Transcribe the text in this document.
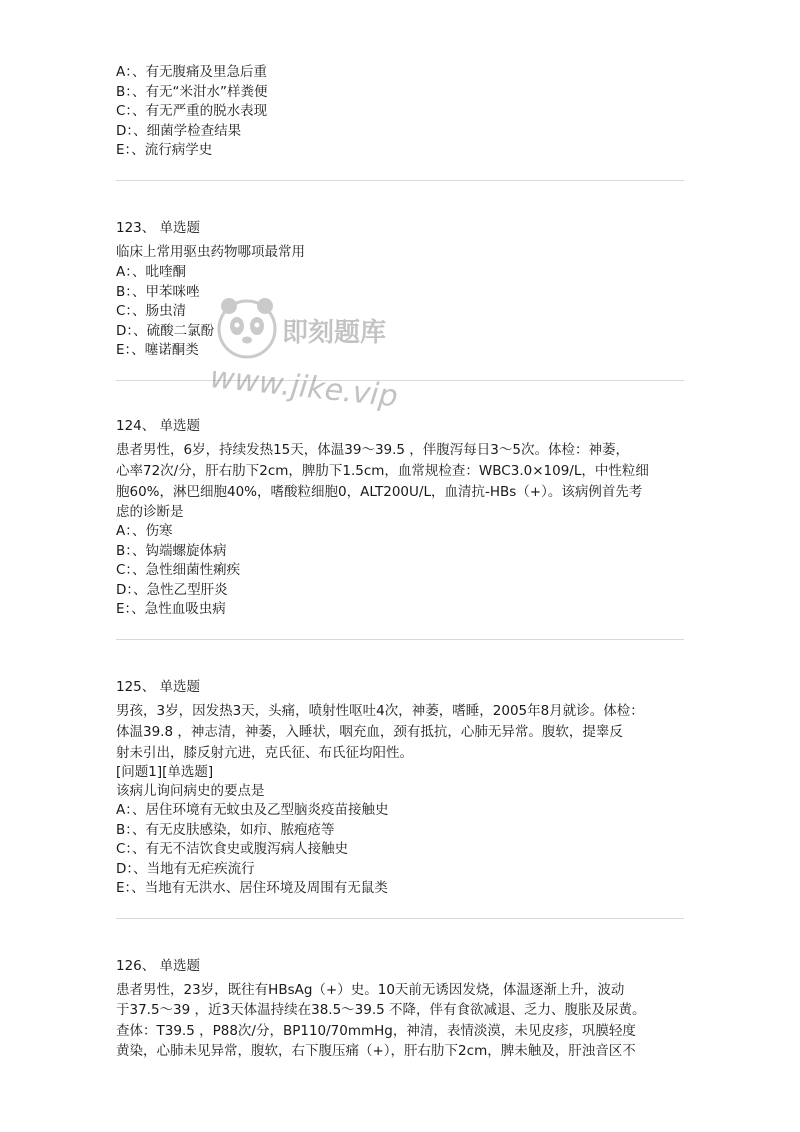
A：、有无腹痛及里急后重
B：、有无“米泔水”样粪便
C：、有无严重的脱水表现
D：、细菌学检查结果
E：、流行病学史
123、 单选题
临床上常用驱虫药物哪项最常用
A：、吡喹酮
B：、甲苯咪唑
C：、肠虫清
D：、硫酸二氯酚
E：、噻诺酮类
124、 单选题
患者男性，6岁，持续发热15天，体温39～39.5 ，伴腹泻每日3～5次。体检：神萎，
心率72次/分，肝右肋下2cm，脾肋下1.5cm，血常规检查：WBC3.0×109/L，中性粒细
胞60%，淋巴细胞40%，嗜酸粒细胞0，ALT200U/L，血清抗-HBs（+）。该病例首先考
虑的诊断是
A：、伤寒
B：、钩端螺旋体病
C：、急性细菌性痢疾
D：、急性乙型肝炎
E：、急性血吸虫病
125、 单选题
男孩，3岁，因发热3天，头痛，喷射性呕吐4次，神萎，嗜睡，2005年8月就诊。体检：
体温39.8 ，神志清，神萎，入睡状，咽充血，颈有抵抗，心肺无异常。腹软，提睾反
射未引出，膝反射亢进，克氏征、布氏征均阳性。
[问题1][单选题]
该病儿询问病史的要点是
A：、居住环境有无蚊虫及乙型脑炎疫苗接触史
B：、有无皮肤感染，如疖、脓疱疮等
C：、有无不洁饮食史或腹泻病人接触史
D：、当地有无疟疾流行
E：、当地有无洪水、居住环境及周围有无鼠类
126、 单选题
患者男性，23岁，既往有HBsAg（+）史。10天前无诱因发烧，体温逐渐上升，波动
于37.5～39 ，近3天体温持续在38.5～39.5 不降，伴有食欲减退、乏力、腹胀及尿黄。
查体：T39.5 ，P88次/分，BP110/70mmHg，神清，表情淡漠，未见皮疹，巩膜轻度
黄染，心肺未见异常，腹软，右下腹压痛（+），肝右肋下2cm，脾未触及，肝浊音区不
即刻题库
www.jike.vip
